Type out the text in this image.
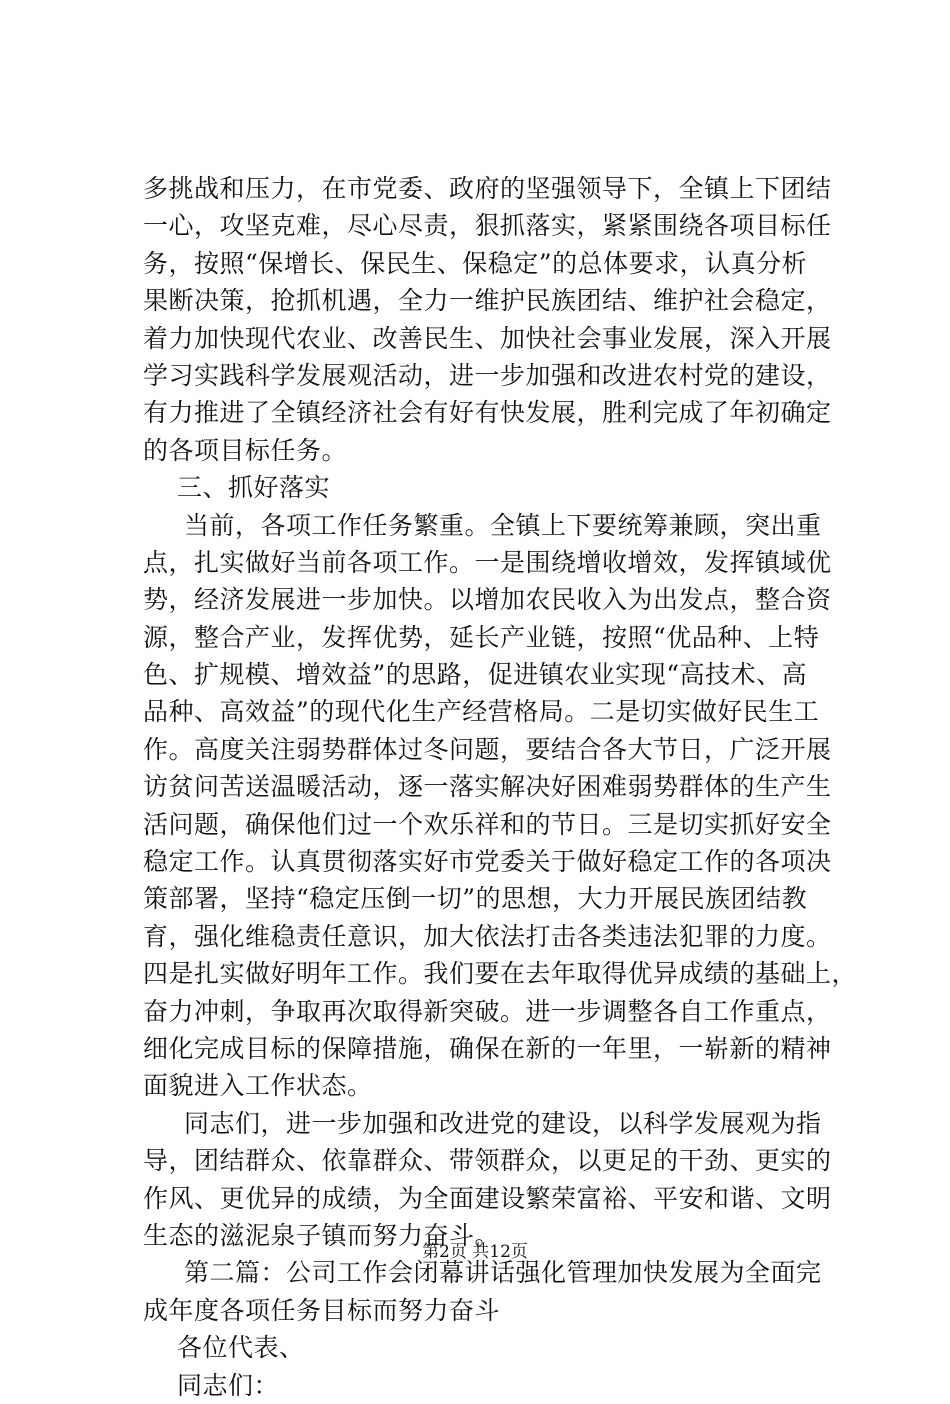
多挑战和压力，在市党委、政府的坚强领导下，全镇上下团结
一心，攻坚克难，尽心尽责，狠抓落实，紧紧围绕各项目标任
务，按照“保增长、保民生、保稳定”的总体要求，认真分析
果断决策，抢抓机遇，全力一维护民族团结、维护社会稳定，
着力加快现代农业、改善民生、加快社会事业发展，深入开展
学习实践科学发展观活动，进一步加强和改进农村党的建设，
有力推进了全镇经济社会有好有快发展，胜利完成了年初确定
的各项目标任务。
三、抓好落实
当前，各项工作任务繁重。全镇上下要统筹兼顾，突出重
点，扎实做好当前各项工作。一是围绕增收增效，发挥镇域优
势，经济发展进一步加快。以增加农民收入为出发点，整合资
源，整合产业，发挥优势，延长产业链，按照“优品种、上特
色、扩规模、增效益”的思路，促进镇农业实现“高技术、高
品种、高效益”的现代化生产经营格局。二是切实做好民生工
作。高度关注弱势群体过冬问题，要结合各大节日，广泛开展
访贫问苦送温暖活动，逐一落实解决好困难弱势群体的生产生
活问题，确保他们过一个欢乐祥和的节日。三是切实抓好安全
稳定工作。认真贯彻落实好市党委关于做好稳定工作的各项决
策部署，坚持“稳定压倒一切”的思想，大力开展民族团结教
育，强化维稳责任意识，加大依法打击各类违法犯罪的力度。
四是扎实做好明年工作。我们要在去年取得优异成绩的基础上，
奋力冲刺，争取再次取得新突破。进一步调整各自工作重点，
细化完成目标的保障措施，确保在新的一年里，一崭新的精神
面貌进入工作状态。
同志们，进一步加强和改进党的建设，以科学发展观为指
导，团结群众、依靠群众、带领群众，以更足的干劲、更实的
作风、更优异的成绩，为全面建设繁荣富裕、平安和谐、文明
生态的滋泥泉子镇而努力奋斗。
第二篇：公司工作会闭幕讲话强化管理加快发展为全面完
成年度各项任务目标而努力奋斗
各位代表、
同志们：
第2页 共12页
